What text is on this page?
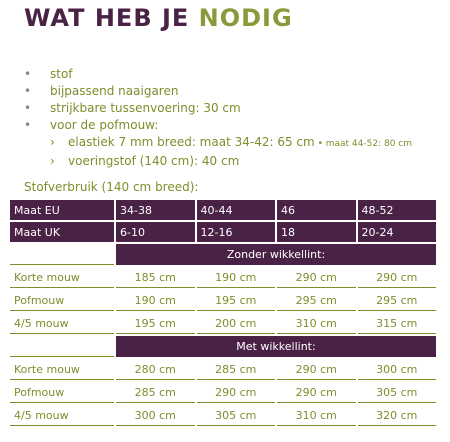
WAT HEB JE NODIG
• stof
• bijpassend naaigaren
• strijkbare tussenvoering: 30 cm
• voor de pofmouw:
› elastiek 7 mm breed: maat 34-42: 65 cm • maat 44-52: 80 cm
› voeringstof (140 cm): 40 cm
Stofverbruik (140 cm breed):
Maat EU	34-38	40-44	46	48-52
Maat UK	6-10	12-16	18	20-24
	Zonder wikkellint:			
Korte mouw	185 cm	190 cm	290 cm	290 cm
Pofmouw	190 cm	195 cm	295 cm	295 cm
4/5 mouw	195 cm	200 cm	310 cm	315 cm
	Met wikkellint:			
Korte mouw	280 cm	285 cm	290 cm	300 cm
Pofmouw	285 cm	290 cm	290 cm	305 cm
4/5 mouw	300 cm	305 cm	310 cm	320 cm
